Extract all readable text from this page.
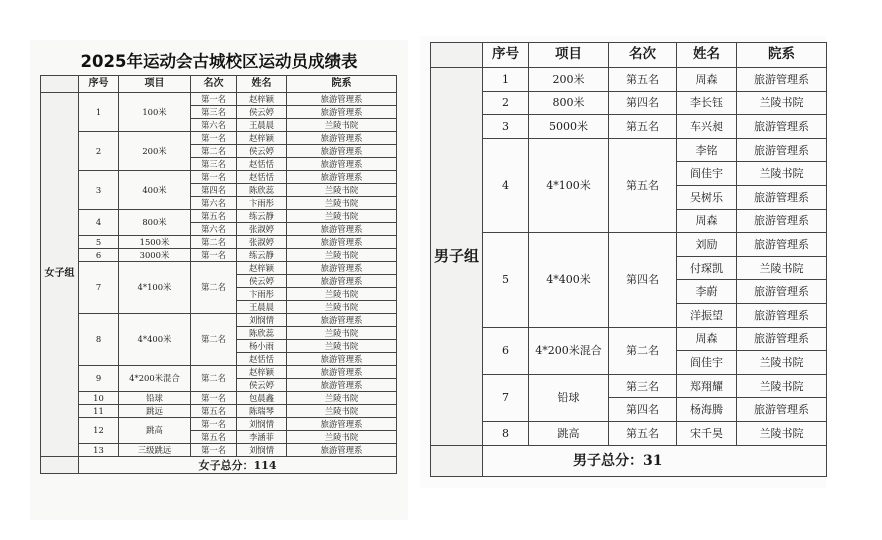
2025年运动会古城校区运动员成绩表
	序号	项目	名次	姓名	院系
女子组	1	100米	第一名	赵梓颖	旅游管理系
			第三名	侯云婷	旅游管理系
			第六名	王晨晨	兰陵书院
	2	200米	第一名	赵梓颖	旅游管理系
			第二名	侯云婷	旅游管理系
			第三名	赵恬恬	旅游管理系
	3	400米	第一名	赵恬恬	旅游管理系
			第四名	陈欣蕊	兰陵书院
			第六名	卞雨彤	兰陵书院
	4	800米	第五名	练云静	兰陵书院
			第六名	张淑婷	旅游管理系
	5	1500米	第二名	张淑婷	旅游管理系
	6	3000米	第一名	练云静	兰陵书院
	7	4*100米	第二名	赵梓颖	旅游管理系
				侯云婷	旅游管理系
				卞雨彤	兰陵书院
				王晨晨	兰陵书院
	8	4*400米	第二名	刘悯情	旅游管理系
				陈欣蕊	兰陵书院
				杨小雨	兰陵书院
				赵恬恬	旅游管理系
	9	4*200米混合	第二名	赵梓颖	旅游管理系
				侯云婷	旅游管理系
	10	铅球	第一名	包晨鑫	兰陵书院
	11	跳远	第五名	陈瑞琴	兰陵书院
	12	跳高	第一名	刘悯情	旅游管理系
			第五名	李涵菲	兰陵书院
	13	三级跳远	第一名	刘悯情	旅游管理系
	女子总分：114				
	序号	项目	名次	姓名	院系
男子组	1	200米	第五名	周森	旅游管理系
	2	800米	第四名	李长钰	兰陵书院
	3	5000米	第五名	车兴昶	旅游管理系
	4	4*100米	第五名	李铭	旅游管理系
				阎佳宇	兰陵书院
				吴树乐	旅游管理系
				周森	旅游管理系
	5	4*400米	第四名	刘励	旅游管理系
				付琛凯	兰陵书院
				李蔚	旅游管理系
				洋振望	旅游管理系
	6	4*200米混合	第二名	周森	旅游管理系
				阎佳宇	兰陵书院
	7	铅球	第三名	郑翔耀	兰陵书院
			第四名	杨海腾	旅游管理系
	8	跳高	第五名	宋千昊	兰陵书院
	男子总分：31				
